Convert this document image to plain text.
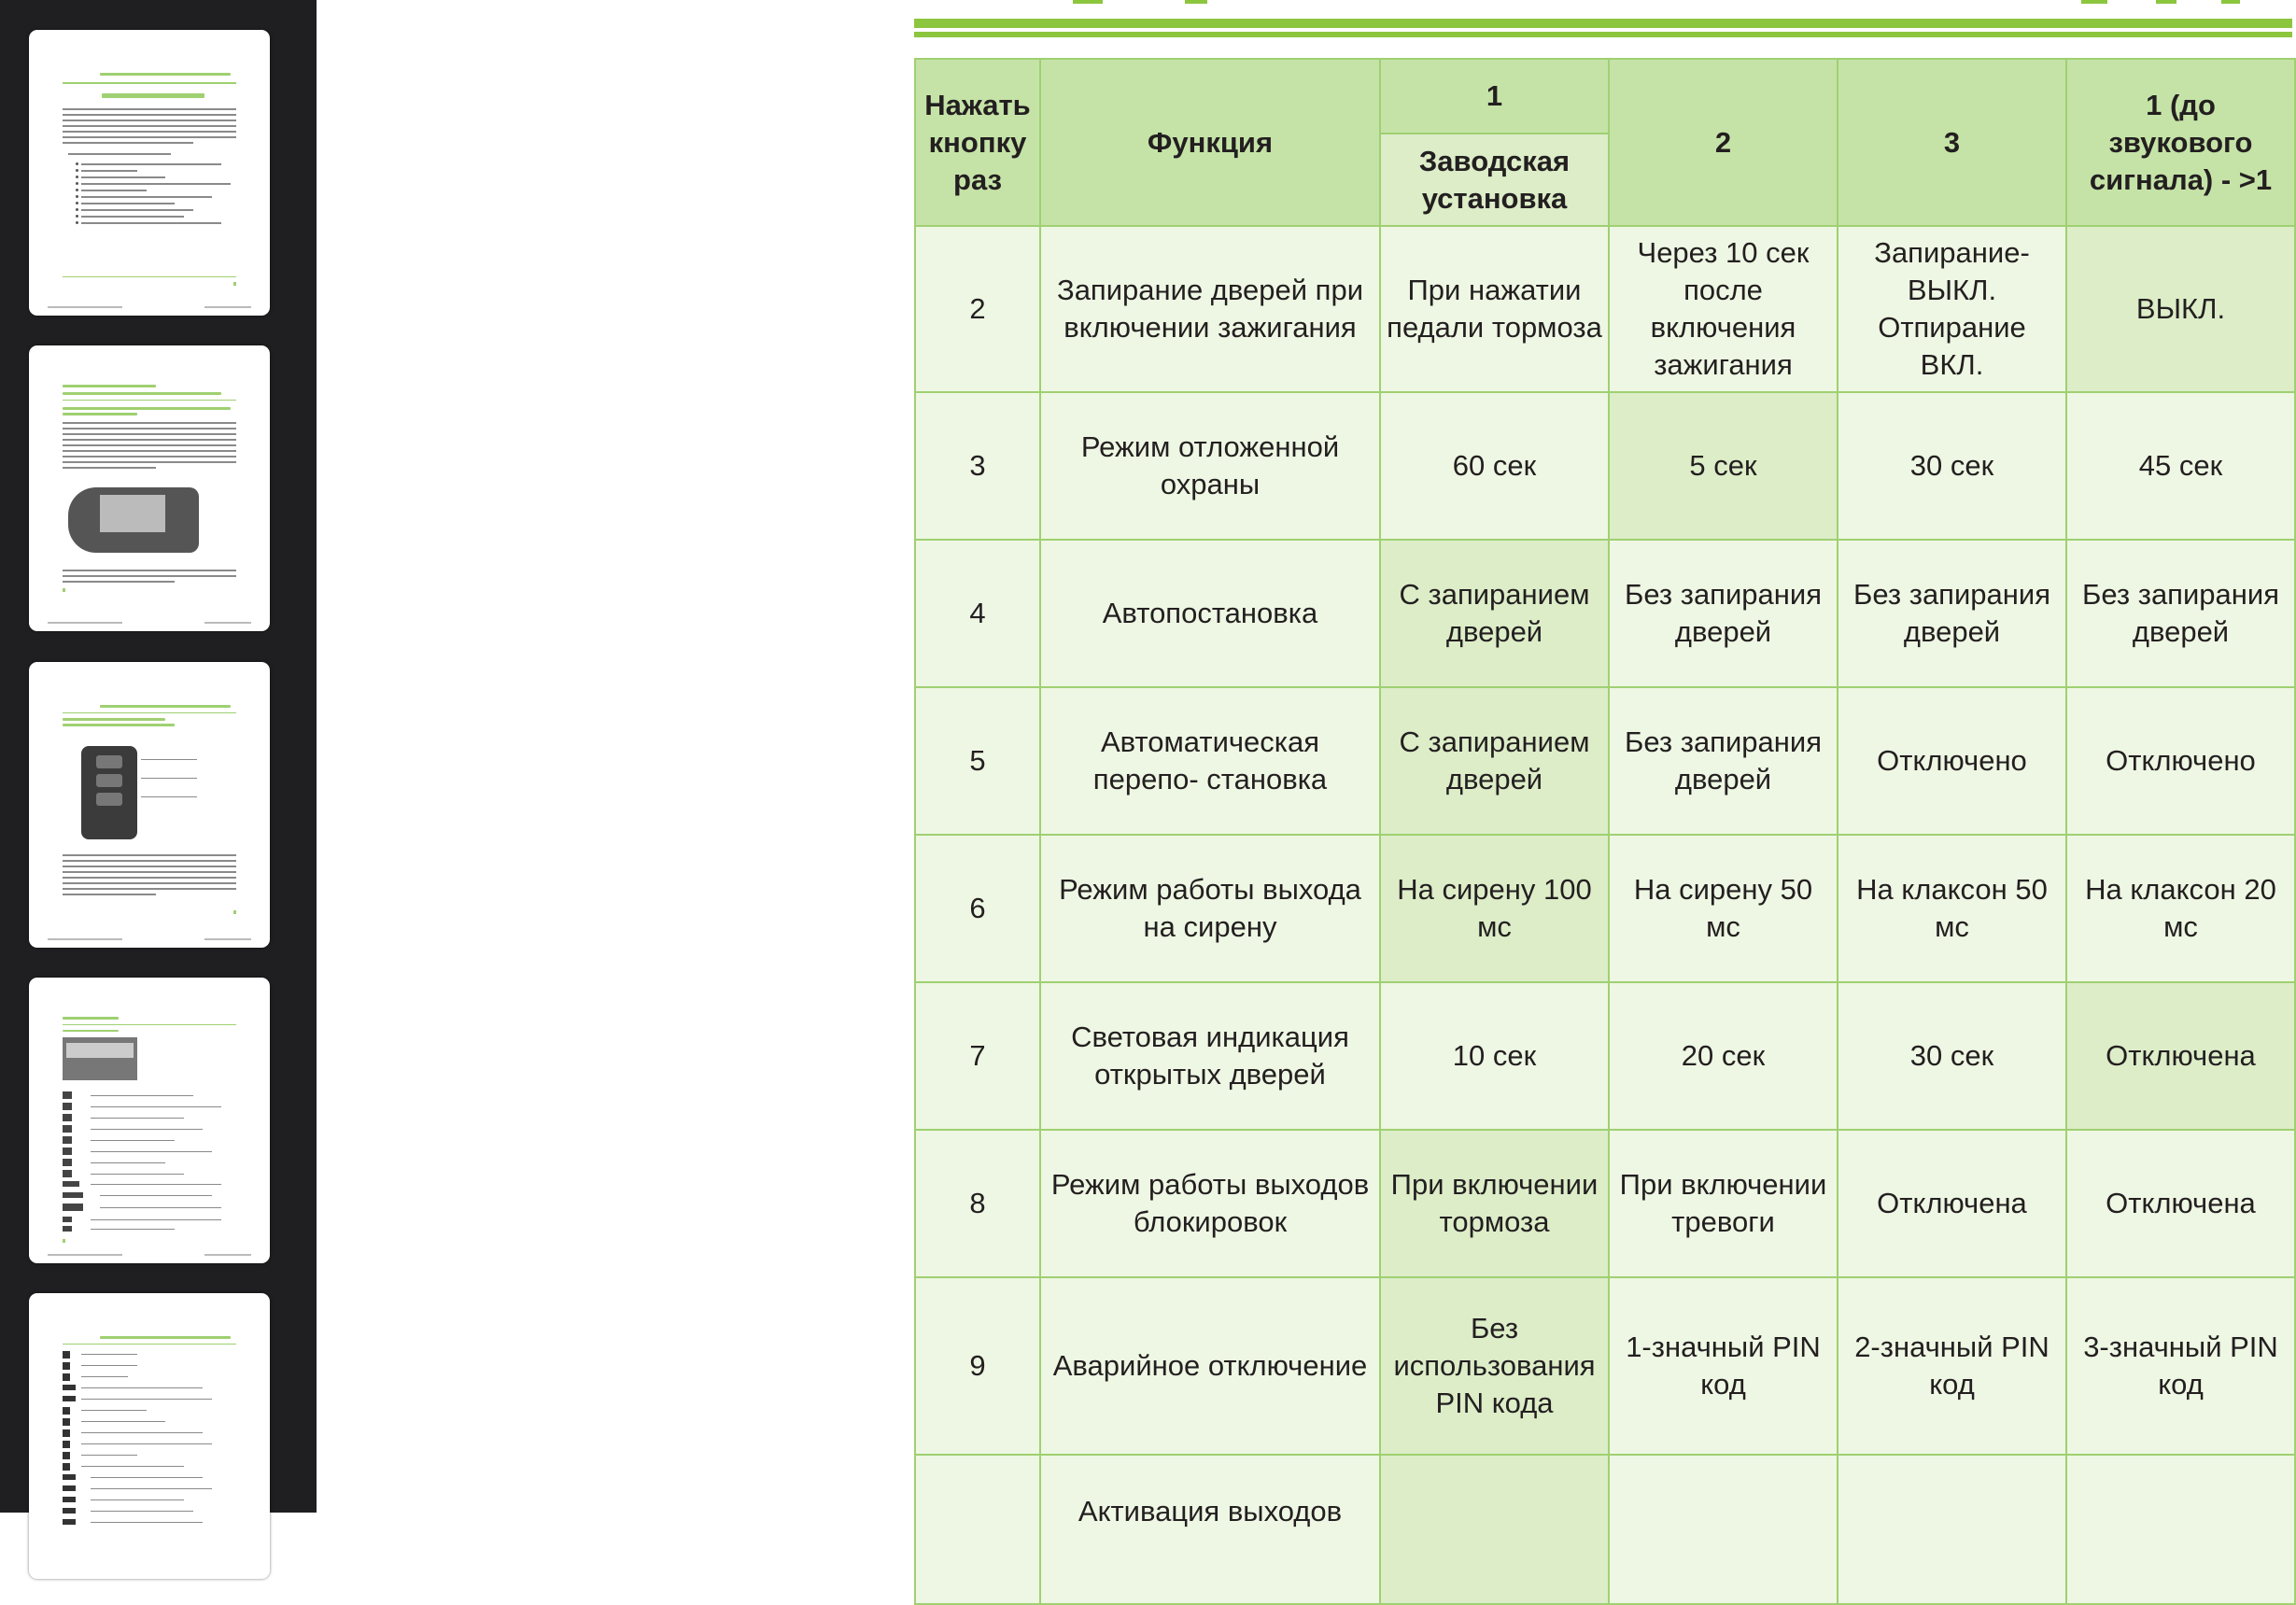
Нажать кнопку раз	Функция	1	2	3	1 (до звукового сигнала) - >1
		Заводская установка			
2	Запирание дверей при включении зажигания	При нажатии педали тормоза	Через 10 сек после включения зажигания	Запирание- ВЫКЛ. Отпирание ВКЛ.	ВЫКЛ.
3	Режим отложенной охраны	60 сек	5 сек	30 сек	45 сек
4	Автопостановка	С запиранием дверей	Без запирания дверей	Без запирания дверей	Без запирания дверей
5	Автоматическая перепо- становка	С запиранием дверей	Без запирания дверей	Отключено	Отключено
6	Режим работы выхода на сирену	На сирену 100 мс	На сирену 50 мс	На клаксон 50 мс	На клаксон 20 мс
7	Световая индикация открытых дверей	10 сек	20 сек	30 сек	Отключена
8	Режим работы выходов блокировок	При включении тормоза	При включении тревоги	Отключена	Отключена
9	Аварийное отключение	Без использования PIN кода	1-значный PIN код	2-значный PIN код	3-значный PIN код
	Активация выходов				
